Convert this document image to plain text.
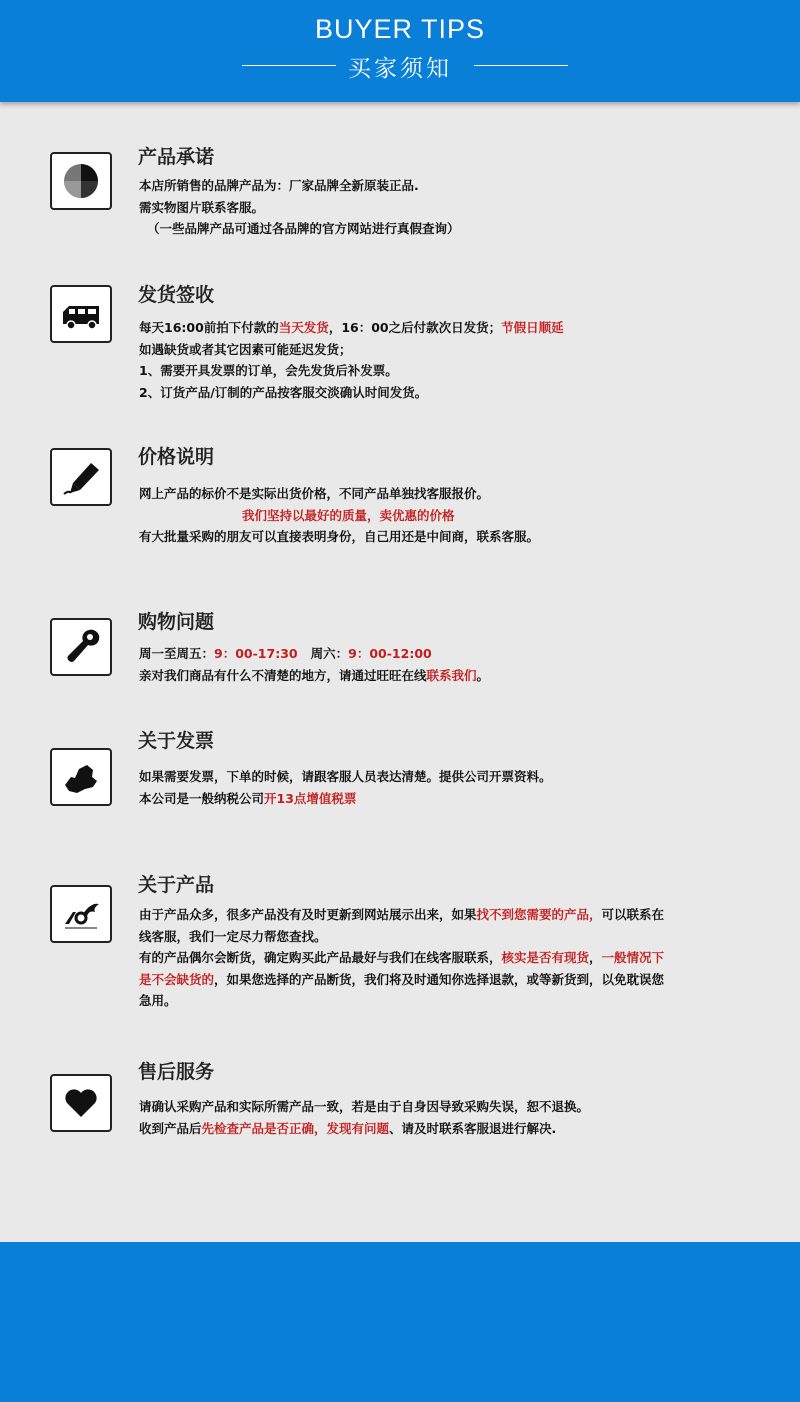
BUYER TIPS
买家须知
产品承诺
本店所销售的品牌产品为：厂家品牌全新原装正品.
需实物图片联系客服。
（一些品牌产品可通过各品牌的官方网站进行真假查询）
发货签收
每天16:00前拍下付款的当天发货，16：00之后付款次日发货；节假日顺延
如遇缺货或者其它因素可能延迟发货；
1、需要开具发票的订单，会先发货后补发票。
2、订货产品/订制的产品按客服交淡确认时间发货。
价格说明
网上产品的标价不是实际出货价格，不同产品单独找客服报价。
我们坚持以最好的质量，卖优惠的价格
有大批量采购的朋友可以直接表明身份，自己用还是中间商，联系客服。
购物问题
周一至周五：9：00-17:30   周六：9：00-12:00
亲对我们商品有什么不清楚的地方，请通过旺旺在线联系我们。
关于发票
如果需要发票，下单的时候，请跟客服人员表达清楚。提供公司开票资料。
本公司是一般纳税公司开13点增值税票
关于产品
由于产品众多，很多产品没有及时更新到网站展示出来，如果找不到您需要的产品，可以联系在
线客服，我们一定尽力帮您查找。
有的产品偶尔会断货，确定购买此产品最好与我们在线客服联系，核实是否有现货，一般情况下
是不会缺货的，如果您选择的产品断货，我们将及时通知你选择退款，或等新货到，以免耽误您
急用。
售后服务
请确认采购产品和实际所需产品一致，若是由于自身因导致采购失误，恕不退换。
收到产品后先检查产品是否正确，发现有问题、请及时联系客服退进行解决.
